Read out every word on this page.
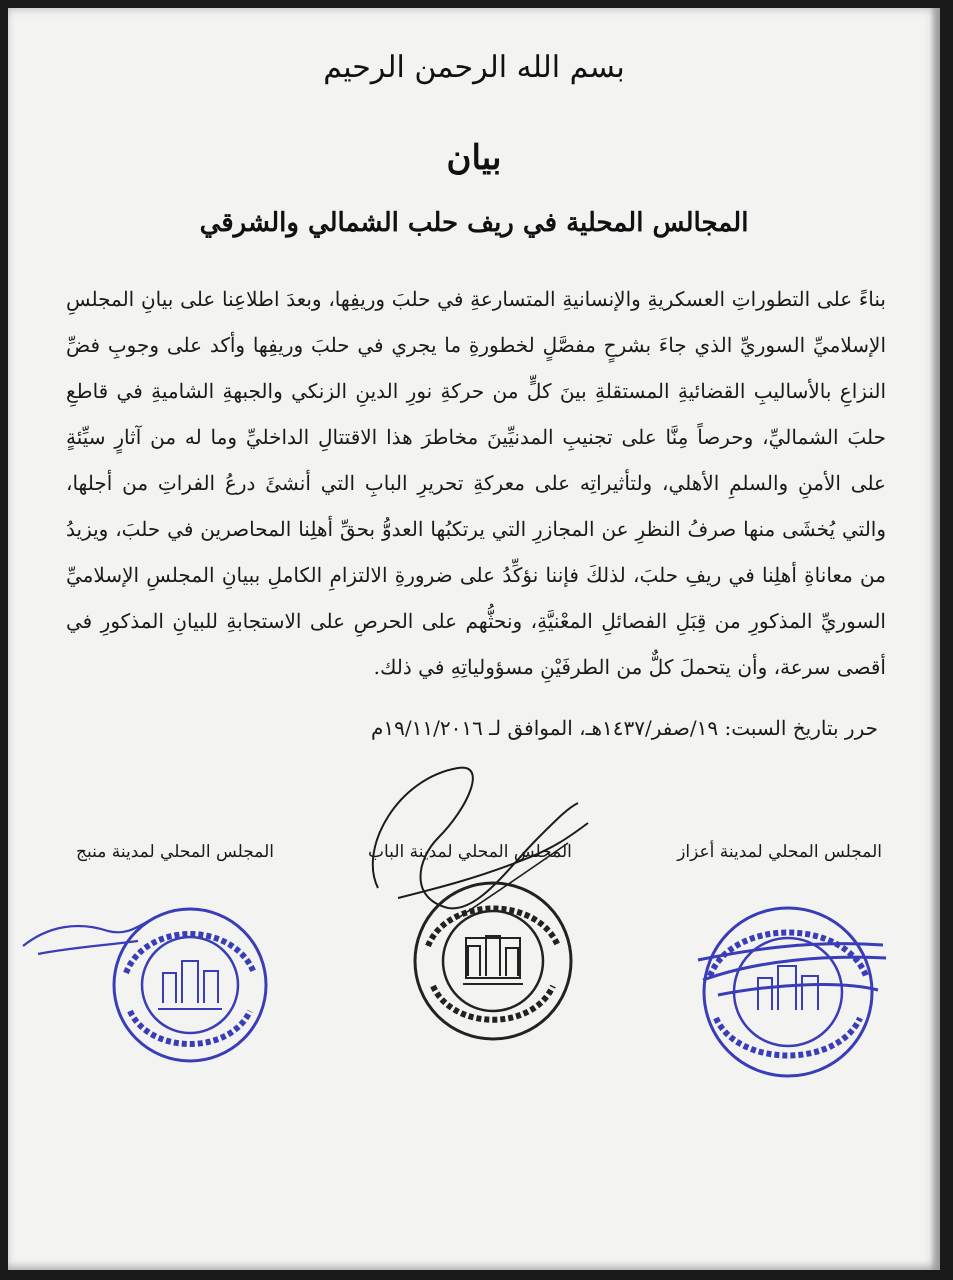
بسم الله الرحمن الرحيم
بيان
المجالس المحلية في ريف حلب الشمالي والشرقي

بناءً على التطوراتِ العسكريةِ والإنسانيةِ المتسارعةِ في حلبَ وريفِها، وبعدَ اطلاعِنا على بيانِ المجلسِ الإسلاميِّ السوريِّ الذي جاءَ بشرحٍ مفصَّلٍ لخطورةِ ما يجري في حلبَ وريفِها وأكد على وجوبِ فضِّ النزاعِ بالأساليبِ القضائيةِ المستقلةِ بينَ كلٍّ من حركةِ نورِ الدينِ الزنكي والجبهةِ الشاميةِ في قاطعِ حلبَ الشماليِّ، وحرصاً مِنَّا على تجنيبِ المدنيِّينَ مخاطرَ هذا الاقتتالِ الداخليِّ وما له من آثارٍ سيِّئةٍ على الأمنِ والسلمِ الأهلي، ولتأثيراتِه على معركةِ تحريرِ البابِ التي أنشئَ درعُ الفراتِ من أجلها، والتي يُخشَى منها صرفُ النظرِ عن المجازرِ التي يرتكبُها العدوُّ بحقِّ أهلِنا المحاصرين في حلبَ، ويزيدُ من معاناةِ أهلِنا في ريفِ حلبَ، لذلكَ فإننا نؤكِّدُ على ضرورةِ الالتزامِ الكاملِ ببيانِ المجلسِ الإسلاميِّ السوريِّ المذكورِ من قِبَلِ الفصائلِ المعْنيَّةِ، ونحثُّهم على الحرصِ على الاستجابةِ للبيانِ المذكورِ في أقصى سرعة، وأن يتحملَ كلٌّ من الطرفَيْنِ مسؤولياتِهِ في ذلك.

حرر بتاريخ السبت: ١٩/صفر/١٤٣٧هـ، الموافق لـ ١٩/١١/٢٠١٦م
المجلس المحلي لمدينة أعزاز
المجلس المحلي لمدينة الباب
المجلس المحلي لمدينة منبج
